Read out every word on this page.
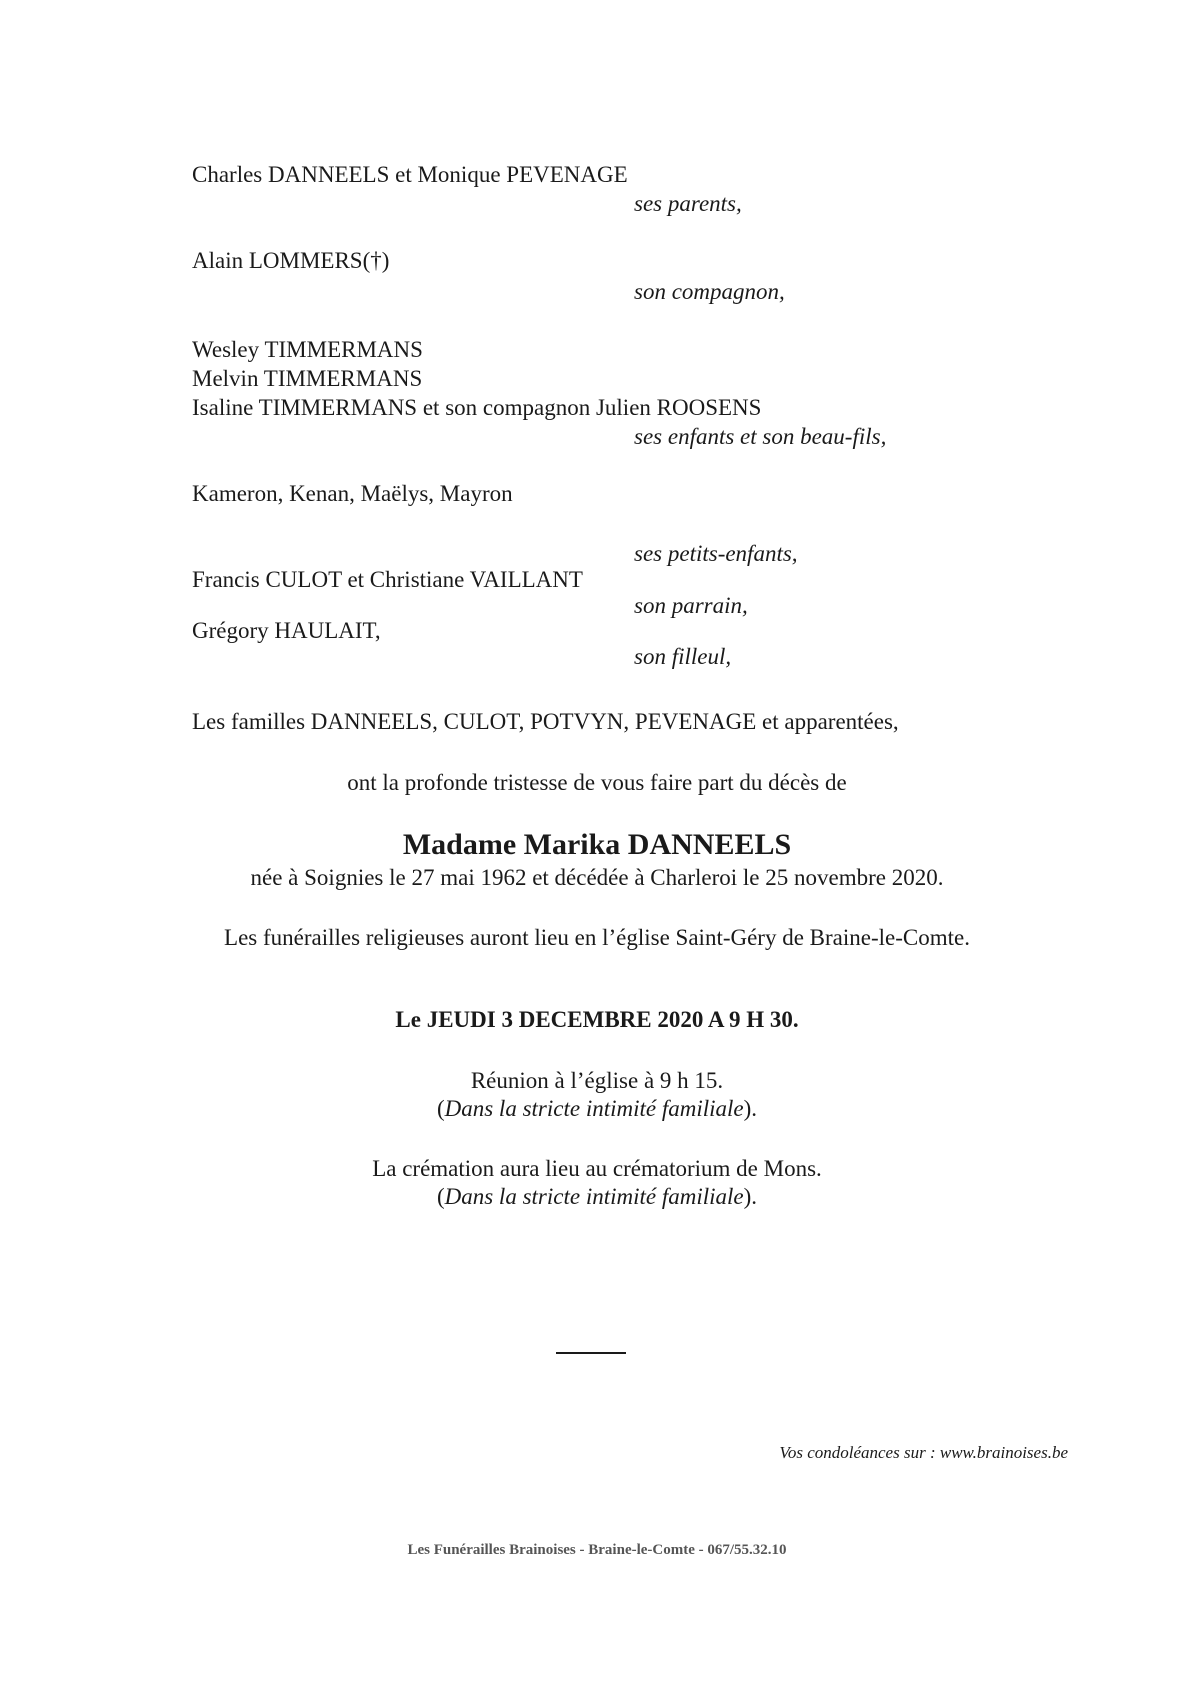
Charles DANNEELS et Monique PEVENAGE
ses parents,
Alain LOMMERS(†)
son compagnon,
Wesley TIMMERMANS
Melvin TIMMERMANS
Isaline TIMMERMANS et son compagnon Julien ROOSENS
ses enfants et son beau-fils,
Kameron, Kenan, Maëlys, Mayron
ses petits-enfants,
Francis CULOT et Christiane VAILLANT
son parrain,
Grégory HAULAIT,
son filleul,
Les familles DANNEELS, CULOT, POTVYN, PEVENAGE et apparentées,
ont la profonde tristesse de vous faire part du décès de
Madame Marika DANNEELS
née à Soignies le 27 mai 1962 et décédée à Charleroi le 25 novembre 2020.
Les funérailles religieuses auront lieu en l’église Saint-Géry de Braine-le-Comte.
Le JEUDI 3 DECEMBRE 2020 A 9 H 30.
Réunion à l’église à 9 h 15.
(Dans la stricte intimité familiale).
La crémation aura lieu au crématorium de Mons.
(Dans la stricte intimité familiale).
Vos condoléances sur : www.brainoises.be
Les Funérailles Brainoises - Braine-le-Comte - 067/55.32.10
